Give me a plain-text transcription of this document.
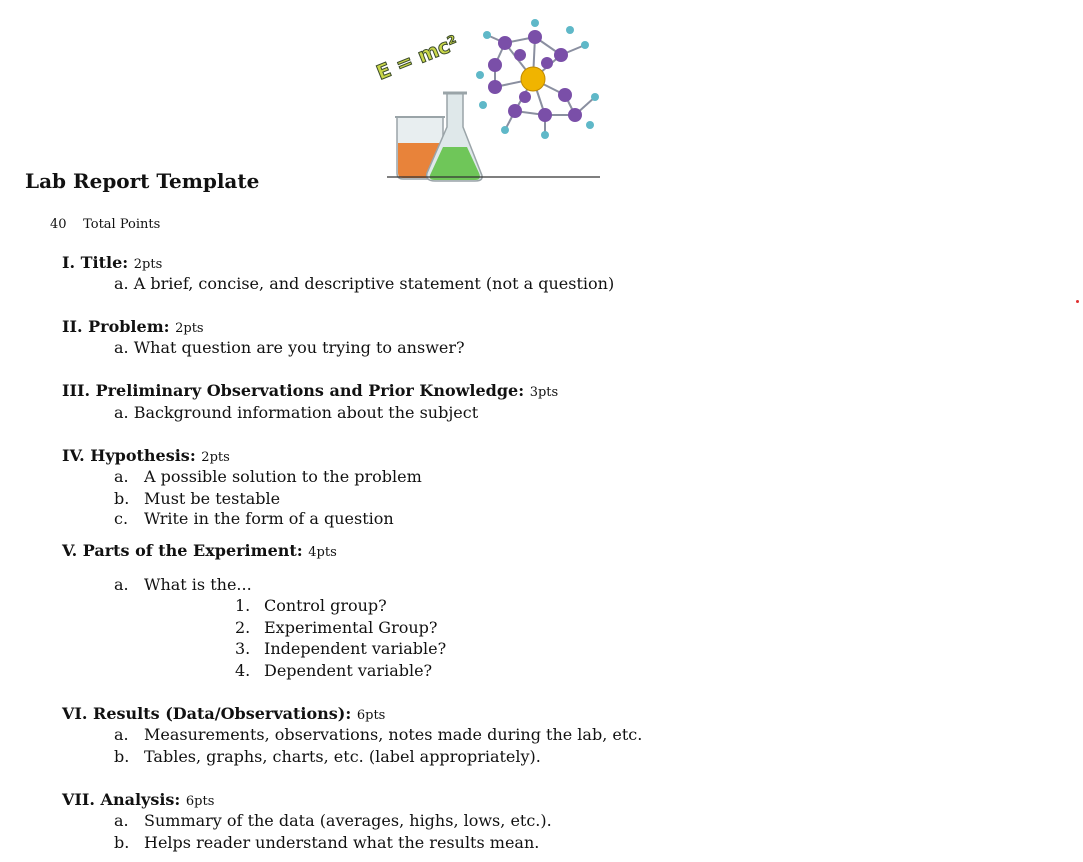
E = mc²
Lab Report Template
40 Total Points
I. Title: 2pts
a. A brief, concise, and descriptive statement (not a question)
II. Problem: 2pts
a. What question are you trying to answer?
III. Preliminary Observations and Prior Knowledge: 3pts
a. Background information about the subject
IV. Hypothesis: 2pts
a. A possible solution to the problem
b. Must be testable
c. Write in the form of a question
V. Parts of the Experiment: 4pts
a. What is the...
1. Control group?
2. Experimental Group?
3. Independent variable?
4. Dependent variable?
VI. Results (Data/Observations): 6pts
a. Measurements, observations, notes made during the lab, etc.
b. Tables, graphs, charts, etc. (label appropriately).
VII. Analysis: 6pts
a. Summary of the data (averages, highs, lows, etc.).
b. Helps reader understand what the results mean.
